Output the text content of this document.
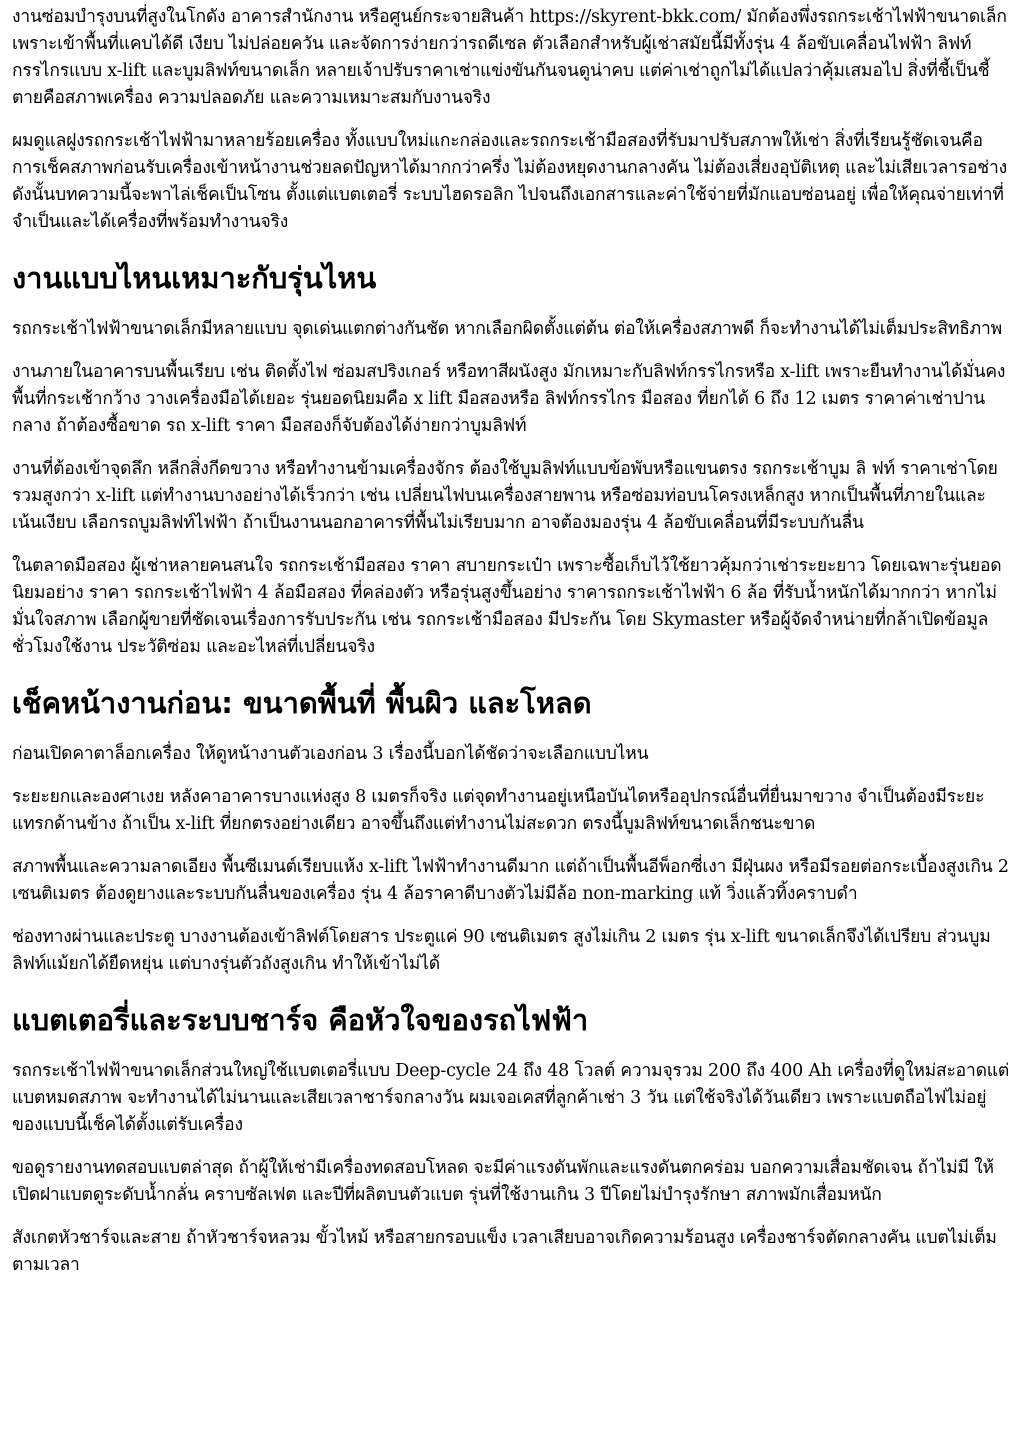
งานซ่อมบำรุงบนที่สูงในโกดัง อาคารสำนักงาน หรือศูนย์กระจายสินค้า https://skyrent-bkk.com/ มักต้องพึ่งรถกระเช้าไฟฟ้าขนาดเล็ก เพราะเข้าพื้นที่แคบได้ดี เงียบ ไม่ปล่อยควัน และจัดการง่ายกว่ารถดีเซล ตัวเลือกสำหรับผู้เช่าสมัยนี้มีทั้งรุ่น 4 ล้อขับเคลื่อนไฟฟ้า ลิฟท์กรรไกรแบบ x-lift และบูมลิฟท์ขนาดเล็ก หลายเจ้าปรับราคาเช่าแข่งขันกันจนดูน่าคบ แต่ค่าเช่าถูกไม่ได้แปลว่าคุ้มเสมอไป สิ่งที่ชี้เป็นชี้ตายคือสภาพเครื่อง ความปลอดภัย และความเหมาะสมกับงานจริง

ผมดูแลฝูงรถกระเช้าไฟฟ้ามาหลายร้อยเครื่อง ทั้งแบบใหม่แกะกล่องและรถกระเช้ามือสองที่รับมาปรับสภาพให้เช่า สิ่งที่เรียนรู้ชัดเจนคือ การเช็คสภาพก่อนรับเครื่องเข้าหน้างานช่วยลดปัญหาได้มากกว่าครึ่ง ไม่ต้องหยุดงานกลางคัน ไม่ต้องเสี่ยงอุบัติเหตุ และไม่เสียเวลารอช่าง ดังนั้นบทความนี้จะพาไล่เช็คเป็นโซน ตั้งแต่แบตเตอรี่ ระบบไฮดรอลิก ไปจนถึงเอกสารและค่าใช้จ่ายที่มักแอบซ่อนอยู่ เพื่อให้คุณจ่ายเท่าที่จำเป็นและได้เครื่องที่พร้อมทำงานจริง

งานแบบไหนเหมาะกับรุ่นไหน

รถกระเช้าไฟฟ้าขนาดเล็กมีหลายแบบ จุดเด่นแตกต่างกันชัด หากเลือกผิดตั้งแต่ต้น ต่อให้เครื่องสภาพดี ก็จะทำงานได้ไม่เต็มประสิทธิภาพ

งานภายในอาคารบนพื้นเรียบ เช่น ติดตั้งไฟ ซ่อมสปริงเกอร์ หรือทาสีผนังสูง มักเหมาะกับลิฟท์กรรไกรหรือ x-lift เพราะยืนทำงานได้มั่นคง พื้นที่กระเช้ากว้าง วางเครื่องมือได้เยอะ รุ่นยอดนิยมคือ x lift มือสองหรือ ลิฟท์กรรไกร มือสอง ที่ยกได้ 6 ถึง 12 เมตร ราคาค่าเช่าปานกลาง ถ้าต้องซื้อขาด รถ x-lift ราคา มือสองก็จับต้องได้ง่ายกว่าบูมลิฟท์

งานที่ต้องเข้าจุดลึก หลีกสิ่งกีดขวาง หรือทำงานข้ามเครื่องจักร ต้องใช้บูมลิฟท์แบบข้อพับหรือแขนตรง รถกระเช้าบูม ลิ ฟท์ ราคาเช่าโดยรวมสูงกว่า x-lift แต่ทำงานบางอย่างได้เร็วกว่า เช่น เปลี่ยนไฟบนเครื่องสายพาน หรือซ่อมท่อบนโครงเหล็กสูง หากเป็นพื้นที่ภายในและเน้นเงียบ เลือกรถบูมลิฟท์ไฟฟ้า ถ้าเป็นงานนอกอาคารที่พื้นไม่เรียบมาก อาจต้องมองรุ่น 4 ล้อขับเคลื่อนที่มีระบบกันลื่น

ในตลาดมือสอง ผู้เช่าหลายคนสนใจ รถกระเช้ามือสอง ราคา สบายกระเป๋า เพราะซื้อเก็บไว้ใช้ยาวคุ้มกว่าเช่าระยะยาว โดยเฉพาะรุ่นยอดนิยมอย่าง ราคา รถกระเช้าไฟฟ้า 4 ล้อมือสอง ที่คล่องตัว หรือรุ่นสูงขึ้นอย่าง ราคารถกระเช้าไฟฟ้า 6 ล้อ ที่รับน้ำหนักได้มากกว่า หากไม่มั่นใจสภาพ เลือกผู้ขายที่ชัดเจนเรื่องการรับประกัน เช่น รถกระเช้ามือสอง มีประกัน โดย Skymaster หรือผู้จัดจำหน่ายที่กล้าเปิดข้อมูลชั่วโมงใช้งาน ประวัติซ่อม และอะไหล่ที่เปลี่ยนจริง

เช็คหน้างานก่อน: ขนาดพื้นที่ พื้นผิว และโหลด

ก่อนเปิดคาตาล็อกเครื่อง ให้ดูหน้างานตัวเองก่อน 3 เรื่องนี้บอกได้ชัดว่าจะเลือกแบบไหน

ระยะยกและองศาเงย หลังคาอาคารบางแห่งสูง 8 เมตรก็จริง แต่จุดทำงานอยู่เหนือบันไดหรืออุปกรณ์อื่นที่ยื่นมาขวาง จำเป็นต้องมีระยะแทรกด้านข้าง ถ้าเป็น x-lift ที่ยกตรงอย่างเดียว อาจขึ้นถึงแต่ทำงานไม่สะดวก ตรงนี้บูมลิฟท์ขนาดเล็กชนะขาด

สภาพพื้นและความลาดเอียง พื้นซีเมนต์เรียบแห้ง x-lift ไฟฟ้าทำงานดีมาก แต่ถ้าเป็นพื้นอีพ็อกซี่เงา มีฝุ่นผง หรือมีรอยต่อกระเบื้องสูงเกิน 2 เซนติเมตร ต้องดูยางและระบบกันลื่นของเครื่อง รุ่น 4 ล้อราคาดีบางตัวไม่มีล้อ non-marking แท้ วิ่งแล้วทิ้งคราบดำ

ช่องทางผ่านและประตู บางงานต้องเข้าลิฟต์โดยสาร ประตูแค่ 90 เซนติเมตร สูงไม่เกิน 2 เมตร รุ่น x-lift ขนาดเล็กจึงได้เปรียบ ส่วนบูมลิฟท์แม้ยกได้ยืดหยุ่น แต่บางรุ่นตัวถังสูงเกิน ทำให้เข้าไม่ได้

แบตเตอรี่และระบบชาร์จ คือหัวใจของรถไฟฟ้า

รถกระเช้าไฟฟ้าขนาดเล็กส่วนใหญ่ใช้แบตเตอรี่แบบ Deep-cycle 24 ถึง 48 โวลต์ ความจุรวม 200 ถึง 400 Ah เครื่องที่ดูใหม่สะอาดแต่แบตหมดสภาพ จะทำงานได้ไม่นานและเสียเวลาชาร์จกลางวัน ผมเจอเคสที่ลูกค้าเช่า 3 วัน แต่ใช้จริงได้วันเดียว เพราะแบตถือไฟไม่อยู่ ของแบบนี้เช็คได้ตั้งแต่รับเครื่อง

ขอดูรายงานทดสอบแบตล่าสุด ถ้าผู้ให้เช่ามีเครื่องทดสอบโหลด จะมีค่าแรงดันพักและแรงดันตกคร่อม บอกความเสื่อมชัดเจน ถ้าไม่มี ให้เปิดฝาแบตดูระดับน้ำกลั่น คราบซัลเฟต และปีที่ผลิตบนตัวแบต รุ่นที่ใช้งานเกิน 3 ปีโดยไม่บำรุงรักษา สภาพมักเสื่อมหนัก

สังเกตหัวชาร์จและสาย ถ้าหัวชาร์จหลวม ขั้วไหม้ หรือสายกรอบแข็ง เวลาเสียบอาจเกิดความร้อนสูง เครื่องชาร์จตัดกลางคัน แบตไม่เต็มตามเวลา
